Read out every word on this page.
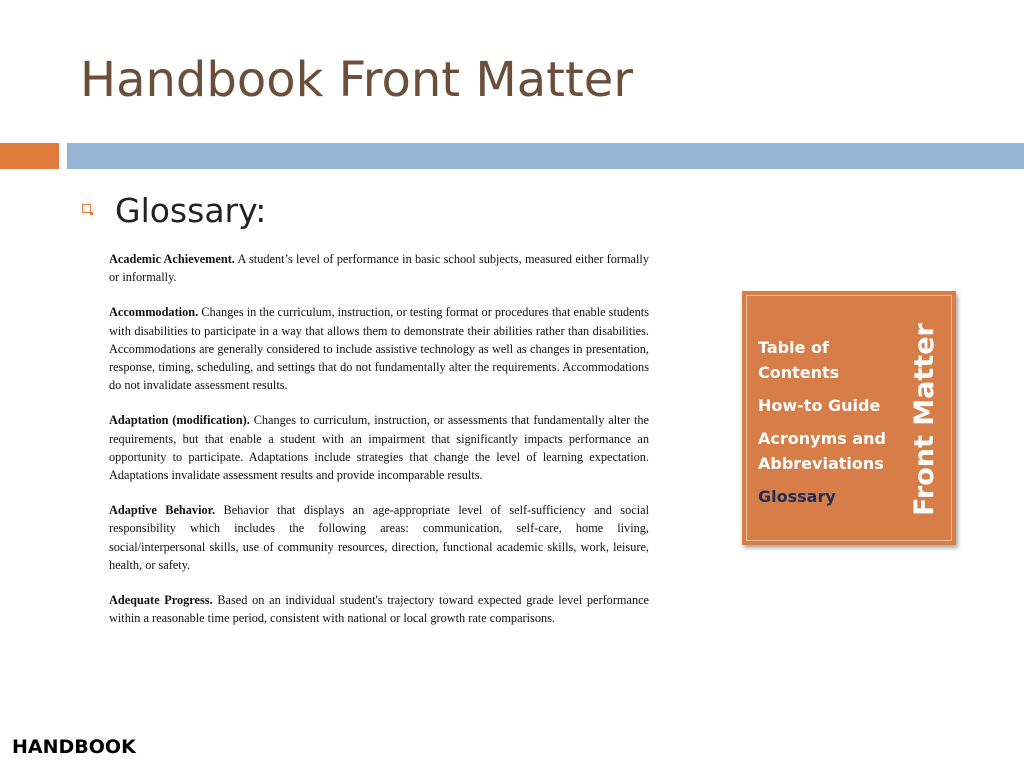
Handbook Front Matter
Glossary:

Academic Achievement. A student’s level of performance in basic school subjects, measured either formally or informally.

Accommodation. Changes in the curriculum, instruction, or testing format or procedures that enable students with disabilities to participate in a way that allows them to demonstrate their abilities rather than disabilities. Accommodations are generally considered to include assistive technology as well as changes in presentation, response, timing, scheduling, and settings that do not fundamentally alter the requirements. Accommodations do not invalidate assessment results.

Adaptation (modification). Changes to curriculum, instruction, or assessments that fundamentally alter the requirements, but that enable a student with an impairment that significantly impacts performance an opportunity to participate. Adaptations include strategies that change the level of learning expectation. Adaptations invalidate assessment results and provide incomparable results.

Adaptive Behavior. Behavior that displays an age-appropriate level of self-sufficiency and social responsibility which includes the following areas: communication, self-care, home living, social/interpersonal skills, use of community resources, direction, functional academic skills, work, leisure, health, or safety.

Adequate Progress. Based on an individual student's trajectory toward expected grade level performance within a reasonable time period, consistent with national or local growth rate comparisons.

Table of Contents
How-to Guide
Acronyms and Abbreviations
Glossary	Front Matter
HANDBOOK
